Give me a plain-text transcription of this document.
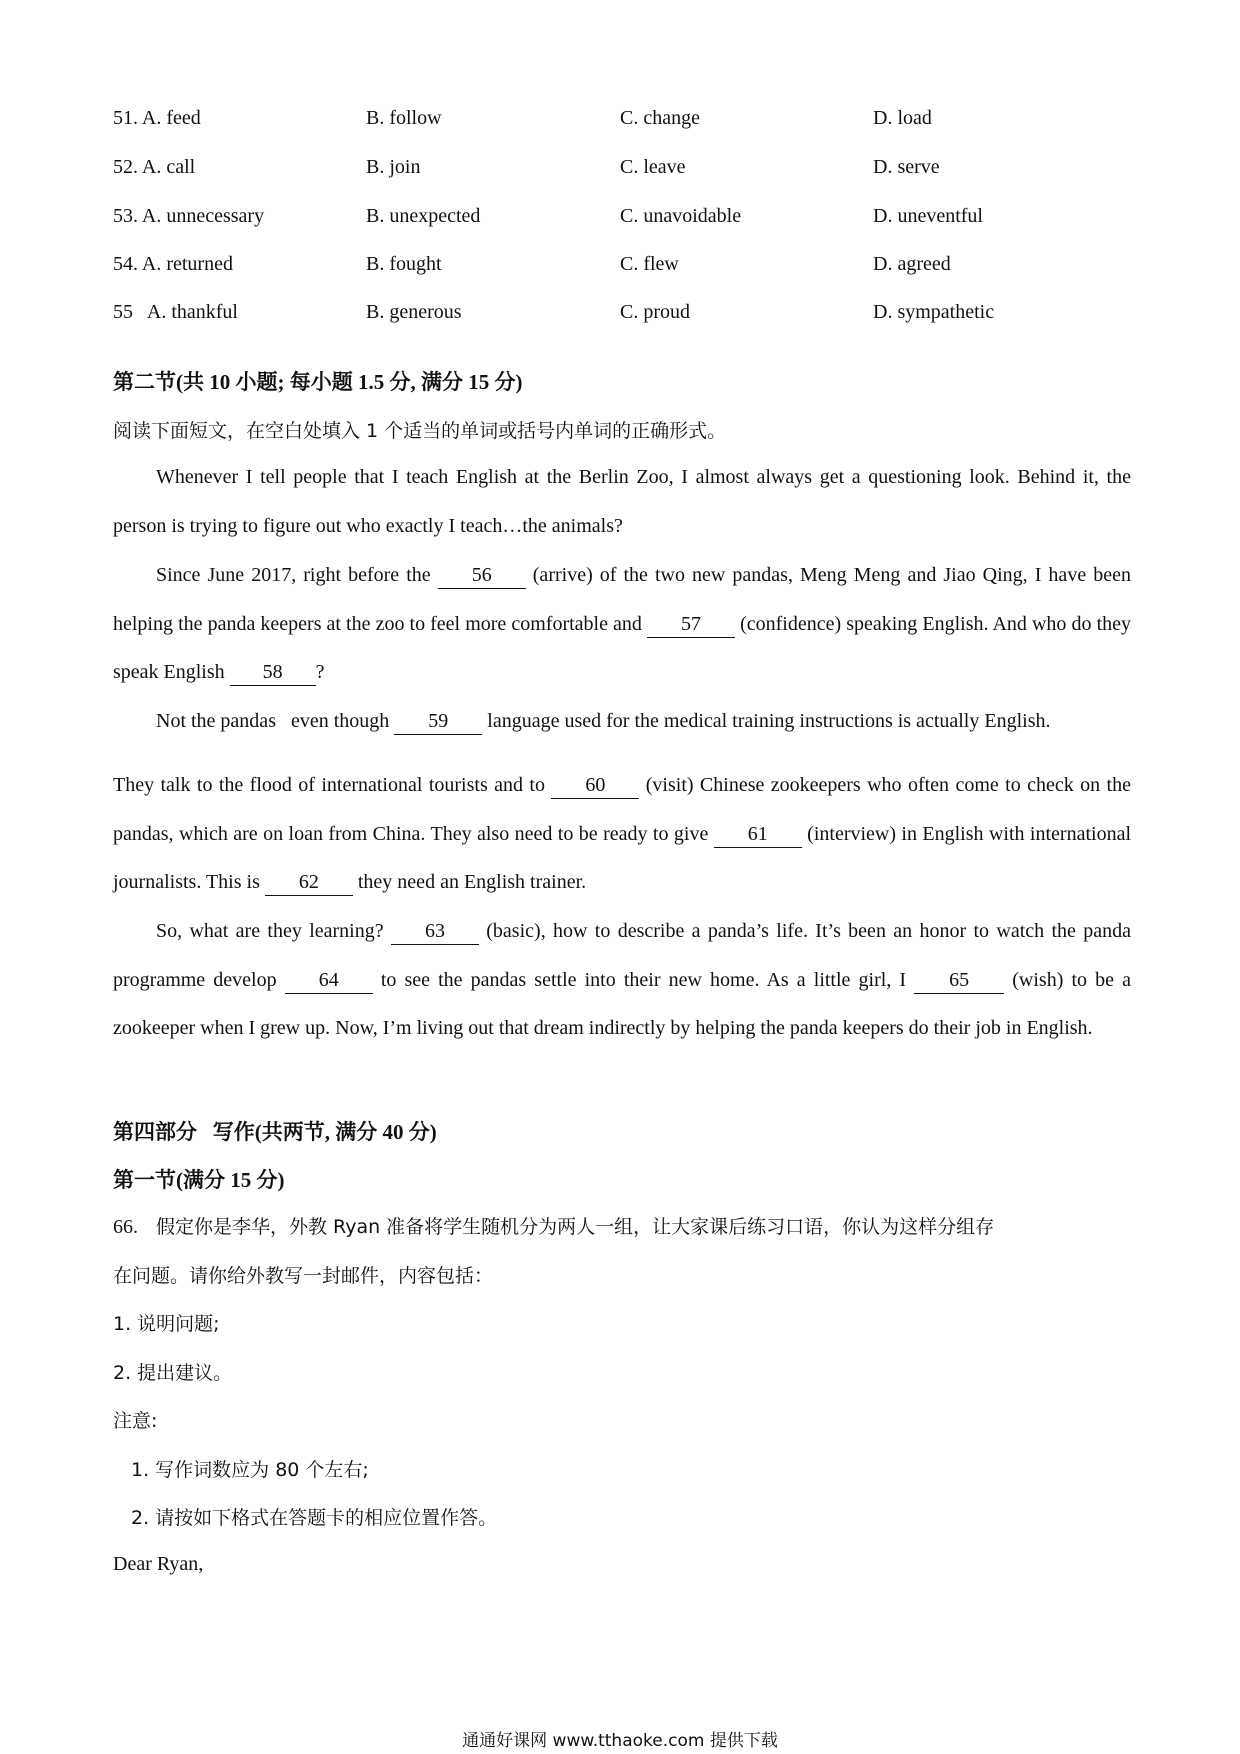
51. A. feed	B. follow	C. change	D. load
52. A. call	B. join	C. leave	D. serve
53. A. unnecessary	B. unexpected	C. unavoidable	D. uneventful
54. A. returned	B. fought	C. flew	D. agreed
55   A. thankful	B. generous	C. proud	D. sympathetic
第二节(共 10 小题; 每小题 1.5 分, 满分 15 分)
阅读下面短文，在空白处填入 1 个适当的单词或括号内单词的正确形式。

Whenever I tell people that I teach English at the Berlin Zoo, I almost always get a questioning look. Behind it, the person is trying to figure out who exactly I teach…the animals?

Since June 2017, right before the 56 (arrive) of the two new pandas, Meng Meng and Jiao Qing, I have been helping the panda keepers at the zoo to feel more comfortable and 57 (confidence) speaking English. And who do they speak English 58 ?

Not the pandas   even though 59 language used for the medical training instructions is actually English.

They talk to the flood of international tourists and to 60 (visit) Chinese zookeepers who often come to check on the pandas, which are on loan from China. They also need to be ready to give 61 (interview) in English with international journalists. This is 62 they need an English trainer.

So, what are they learning? 63 (basic), how to describe a panda’s life. It’s been an honor to watch the panda programme develop 64 to see the pandas settle into their new home. As a little girl, I 65 (wish) to be a zookeeper when I grew up. Now, I’m living out that dream indirectly by helping the panda keepers do their job in English.

第四部分   写作(共两节, 满分 40 分)
第一节(满分 15 分)
66. 假定你是李华，外教 Ryan 准备将学生随机分为两人一组，让大家课后练习口语，你认为这样分组存
在问题。请你给外教写一封邮件，内容包括：
1. 说明问题;
2. 提出建议。
注意:
1. 写作词数应为 80 个左右;
2. 请按如下格式在答题卡的相应位置作答。
Dear Ryan,
通通好课网 www.tthaoke.com 提供下载
